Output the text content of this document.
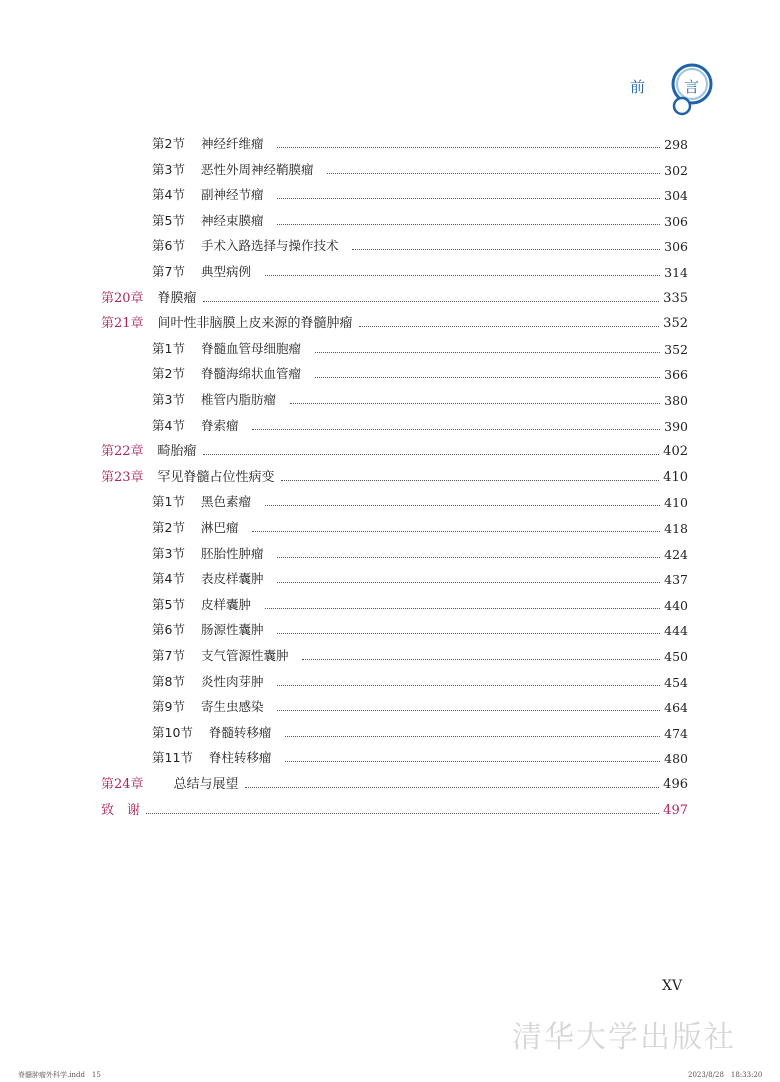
前　言
第2节 神经纤维瘤	298
第3节 恶性外周神经鞘膜瘤	302
第4节 副神经节瘤	304
第5节 神经束膜瘤	306
第6节 手术入路选择与操作技术	306
第7节 典型病例	314
第20章 脊膜瘤	335
第21章 间叶性非脑膜上皮来源的脊髓肿瘤	352
第1节 脊髓血管母细胞瘤	352
第2节 脊髓海绵状血管瘤	366
第3节 椎管内脂肪瘤	380
第4节 脊索瘤	390
第22章 畸胎瘤	402
第23章 罕见脊髓占位性病变	410
第1节 黑色素瘤	410
第2节 淋巴瘤	418
第3节 胚胎性肿瘤	424
第4节 表皮样囊肿	437
第5节 皮样囊肿	440
第6节 肠源性囊肿	444
第7节 支气管源性囊肿	450
第8节 炎性肉芽肿	454
第9节 寄生虫感染	464
第10节 脊髓转移瘤	474
第11节 脊柱转移瘤	480
第24章 总结与展望	496
致　谢	497
XV
清华大学出版社
脊髓肿瘤外科学.indd　15	2023/8/28　18:33:20
